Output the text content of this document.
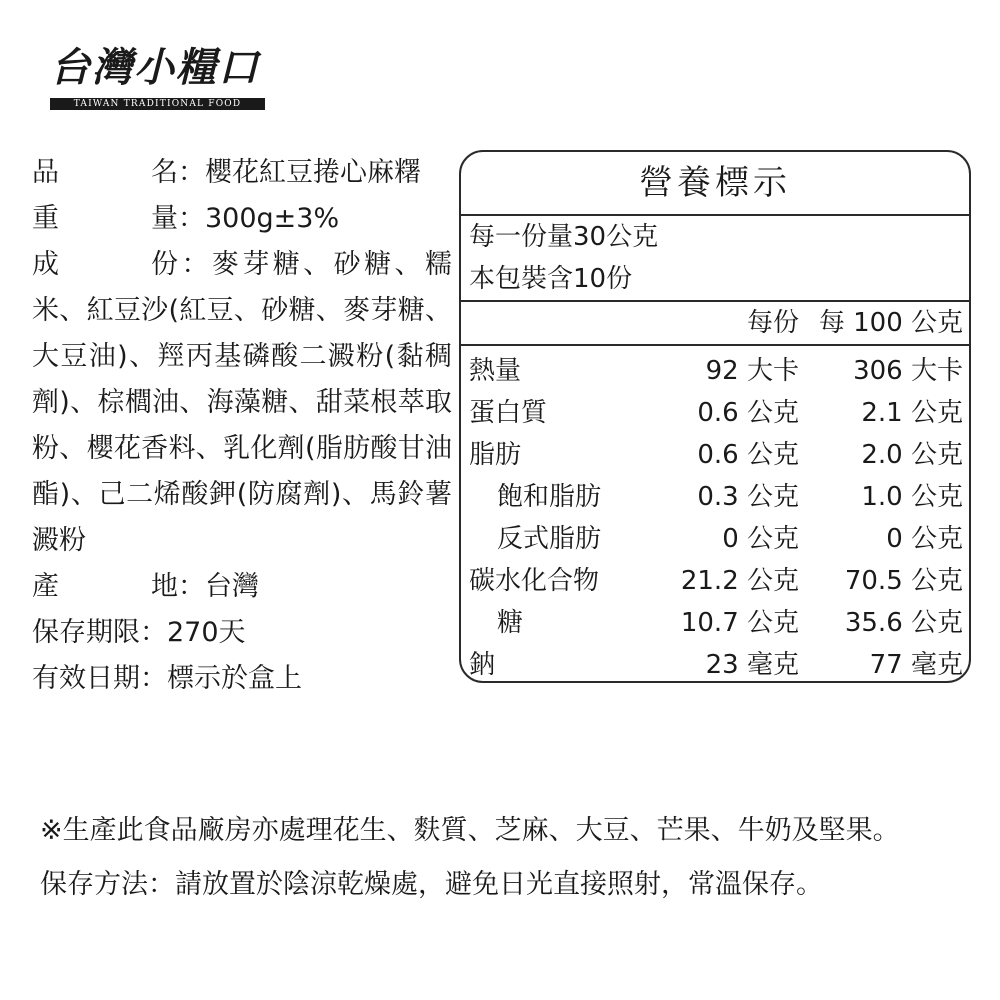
台灣小糧口
TAIWAN TRADITIONAL FOOD
品	名 ：櫻花紅豆捲心麻糬
重	量 ：300g±3%
成	份 ：麥芽糖、砂糖、糯米、紅豆沙(紅豆、砂糖、麥芽糖、大豆油)、羥丙基磷酸二澱粉(黏稠劑)、棕櫚油、海藻糖、甜菜根萃取粉、櫻花香料、乳化劑(脂肪酸甘油酯)、己二烯酸鉀(防腐劑)、馬鈴薯澱粉
產	地 ：台灣
保存期限：270天
有效日期：標示於盒上
營養標示
每一份量30公克
本包裝含10份
每份 每 100 公克
熱量	92 大卡	306 大卡
蛋白質	0.6 公克	2.1 公克
脂肪	0.6 公克	2.0 公克
飽和脂肪	0.3 公克	1.0 公克
反式脂肪	0 公克	0 公克
碳水化合物	21.2 公克	70.5 公克
糖	10.7 公克	35.6 公克
鈉	23 毫克	77 毫克
※生產此食品廠房亦處理花生、麩質、芝麻、大豆、芒果、牛奶及堅果。
保存方法：請放置於陰涼乾燥處，避免日光直接照射，常溫保存。
